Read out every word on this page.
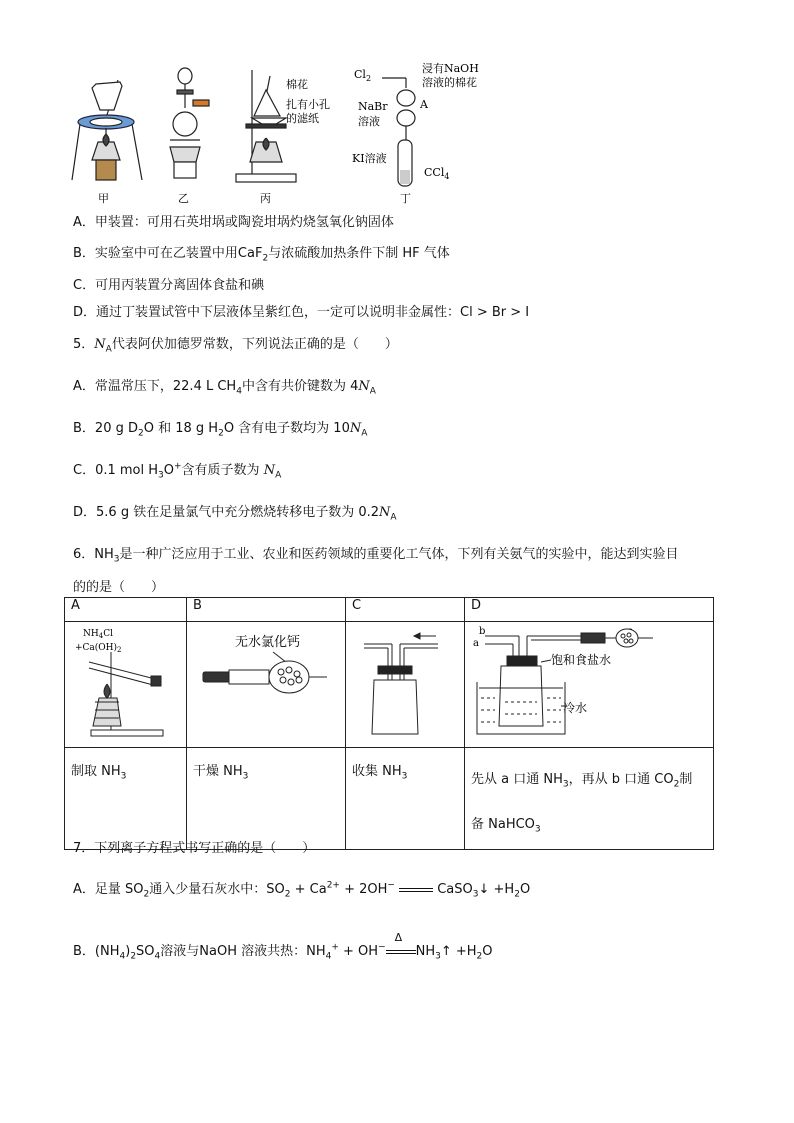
甲	乙	丙	丁
棉花
扎有小孔
的滤纸
$Cl_2$
浸有NaOH
溶液的棉花
A
NaBr
溶液
KI溶液
CCl$_4$
A．甲装置：可用石英坩埚或陶瓷坩埚灼烧氢氧化钠固体
B．实验室中可在乙装置中用CaF$_2$与浓硫酸加热条件下制 HF 气体
C．可用丙装置分离固体食盐和碘
D．通过丁装置试管中下层液体呈紫红色，一定可以说明非金属性：Cl > Br > I
5．$N_A$代表阿伏加德罗常数，下列说法正确的是（　　）
A．常温常压下，22.4 L $CH_4$中含有共价键数为 $4N_A$
B．20 g $D_2O$ 和 18 g $H_2O$ 含有电子数均为 $10N_A$
C．0.1 mol $H_3O^+$含有质子数为 $N_A$
D．5.6 g 铁在足量氯气中充分燃烧转移电子数为 $0.2N_A$
6．$NH_3$是一种广泛应用于工业、农业和医药领域的重要化工气体，下列有关氨气的实验中，能达到实验目
的的是（　　）
A	B	C	D

$NH_4Cl$
$+Ca(OH)_2$	无水氯化钙		b
a
饱和食盐水
冷水

制取 $NH_3$	干燥 $NH_3$	收集 $NH_3$	先从 a 口通 $NH_3$，再从 b 口通 $CO_2$制
备 NaHCO$_3$
7．下列离子方程式书写正确的是（　　）
A．足量 $SO_2$通入少量石灰水中：$SO_2 + Ca^{2+} + 2OH^-$	CaSO$_3$↓ $+H_2O$
B．$(NH_4)_2SO_4$溶液与NaOH 溶液共热：$NH_4^+ + OH^-$
Δ
$NH_3↑ +H_2O$
